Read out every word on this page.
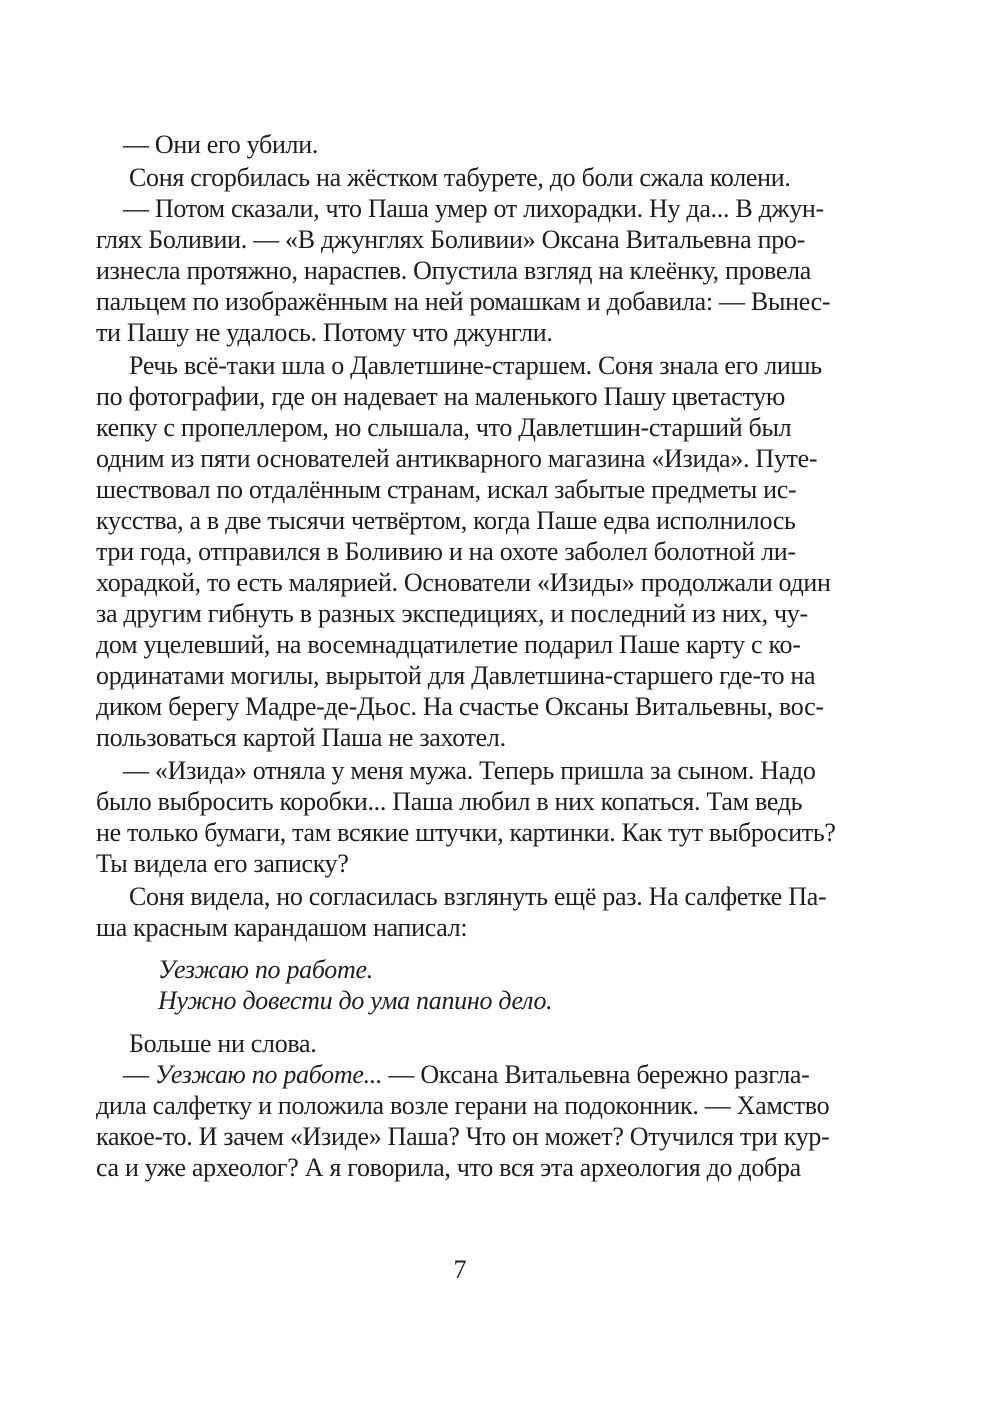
— Они его убили.

Соня сгорбилась на жёстком табурете, до боли сжала колени.

— Потом сказали, что Паша умер от лихорадки. Ну да... В джун-

глях Боливии. — «В джунглях Боливии» Оксана Витальевна про-

изнесла протяжно, нараспев. Опустила взгляд на клеёнку, провела

пальцем по изображённым на ней ромашкам и добавила: — Вынес-

ти Пашу не удалось. Потому что джунгли.

Речь всё-таки шла о Давлетшине-старшем. Соня знала его лишь

по фотографии, где он надевает на маленького Пашу цветастую

кепку с пропеллером, но слышала, что Давлетшин-старший был

одним из пяти основателей антикварного магазина «Изида». Путе-

шествовал по отдалённым странам, искал забытые предметы ис-

кусства, а в две тысячи четвёртом, когда Паше едва исполнилось

три года, отправился в Боливию и на охоте заболел болотной ли-

хорадкой, то есть малярией. Основатели «Изиды» продолжали один

за другим гибнуть в разных экспедициях, и последний из них, чу-

дом уцелевший, на восемнадцатилетие подарил Паше карту с ко-

ординатами могилы, вырытой для Давлетшина-старшего где-то на

диком берегу Мадре-де-Дьос. На счастье Оксаны Витальевны, вос-

пользоваться картой Паша не захотел.

— «Изида» отняла у меня мужа. Теперь пришла за сыном. Надо

было выбросить коробки... Паша любил в них копаться. Там ведь

не только бумаги, там всякие штучки, картинки. Как тут выбросить?

Ты видела его записку?

Соня видела, но согласилась взглянуть ещё раз. На салфетке Па-

ша красным карандашом написал:

Уезжаю по работе.

Нужно довести до ума папино дело.

Больше ни слова.

— Уезжаю по работе... — Оксана Витальевна бережно разгла-

дила салфетку и положила возле герани на подоконник. — Хамство

какое-то. И зачем «Изиде» Паша? Что он может? Отучился три кур-

са и уже археолог? А я говорила, что вся эта археология до добра

7
